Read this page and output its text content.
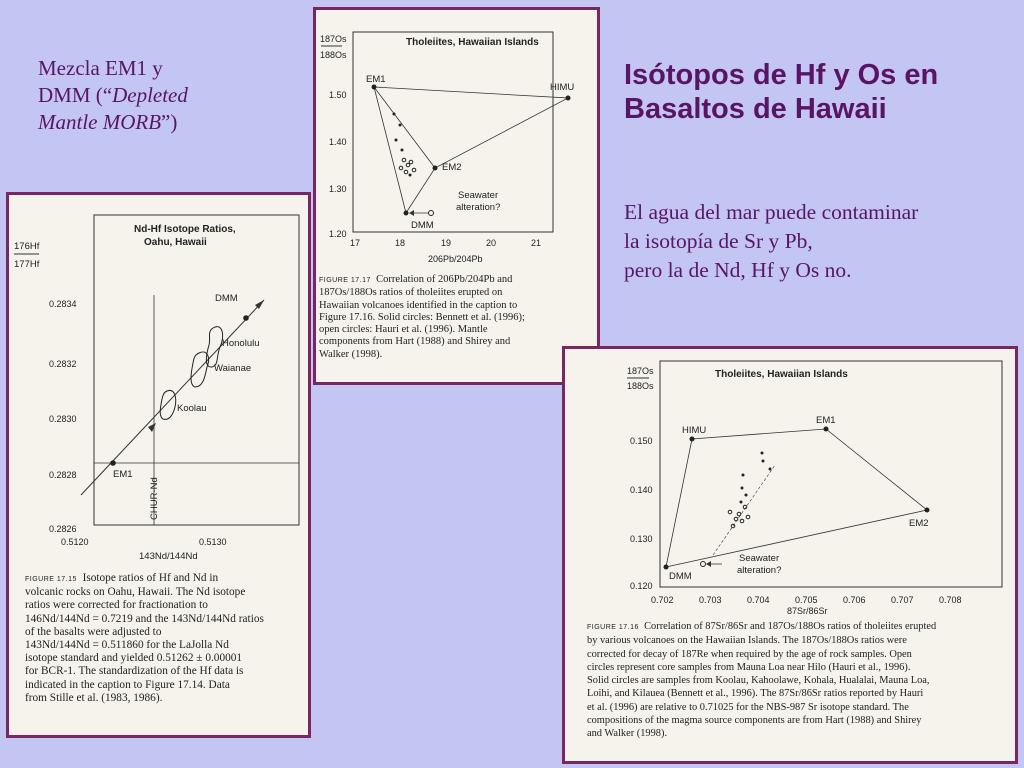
Isótopos de Hf y Os en
Basaltos de Hawaii
Mezcla EM1 y
DMM (“Depleted
Mantle MORB”)
El agua del mar puede contaminar
la isotopía de Sr y Pb,
pero la de Nd, Hf y Os no.
Tholeiites, Hawaiian Islands
187Os
188Os
1.50
1.40
1.30
1.20
17	18	19	20	21
206Pb/204Pb
EM1
HIMU
EM2
DMM
Seawater
alteration?
FIGURE 17.17 Correlation of 206Pb/204Pb and
187Os/188Os ratios of tholeiites erupted on
Hawaiian volcanoes identified in the caption to
Figure 17.16. Solid circles: Bennett et al. (1996);
open circles: Hauri et al. (1996). Mantle
components from Hart (1988) and Shirey and
Walker (1998).
Nd-Hf Isotope Ratios,
Oahu, Hawaii
176Hf
177Hf
0.2834
0.2832
0.2830
0.2828
0.2826
0.5120	0.5130
143Nd/144Nd
CHUR-Nd
DMM
Honolulu
Waianae
Koolau
EM1
FIGURE 17.15 Isotope ratios of Hf and Nd in
volcanic rocks on Oahu, Hawaii. The Nd isotope
ratios were corrected for fractionation to
146Nd/144Nd = 0.7219 and the 143Nd/144Nd ratios
of the basalts were adjusted to
143Nd/144Nd = 0.511860 for the LaJolla Nd
isotope standard and yielded 0.51262 ± 0.00001
for BCR-1. The standardization of the Hf data is
indicated in the caption to Figure 17.14. Data
from Stille et al. (1983, 1986).
Tholeiites, Hawaiian Islands
187Os
188Os
0.150
0.140
0.130
0.120
0.702	0.703	0.704	0.705	0.706	0.707	0.708
87Sr/86Sr
HIMU
EM1
EM2
DMM
Seawater
alteration?
FIGURE 17.16 Correlation of 87Sr/86Sr and 187Os/188Os ratios of tholeiites erupted
by various volcanoes on the Hawaiian Islands. The 187Os/188Os ratios were
corrected for decay of 187Re when required by the age of rock samples. Open
circles represent core samples from Mauna Loa near Hilo (Hauri et al., 1996).
Solid circles are samples from Koolau, Kahoolawe, Kohala, Hualalai, Mauna Loa,
Loihi, and Kilauea (Bennett et al., 1996). The 87Sr/86Sr ratios reported by Hauri
et al. (1996) are relative to 0.71025 for the NBS-987 Sr isotope standard. The
compositions of the magma source components are from Hart (1988) and Shirey
and Walker (1998).
